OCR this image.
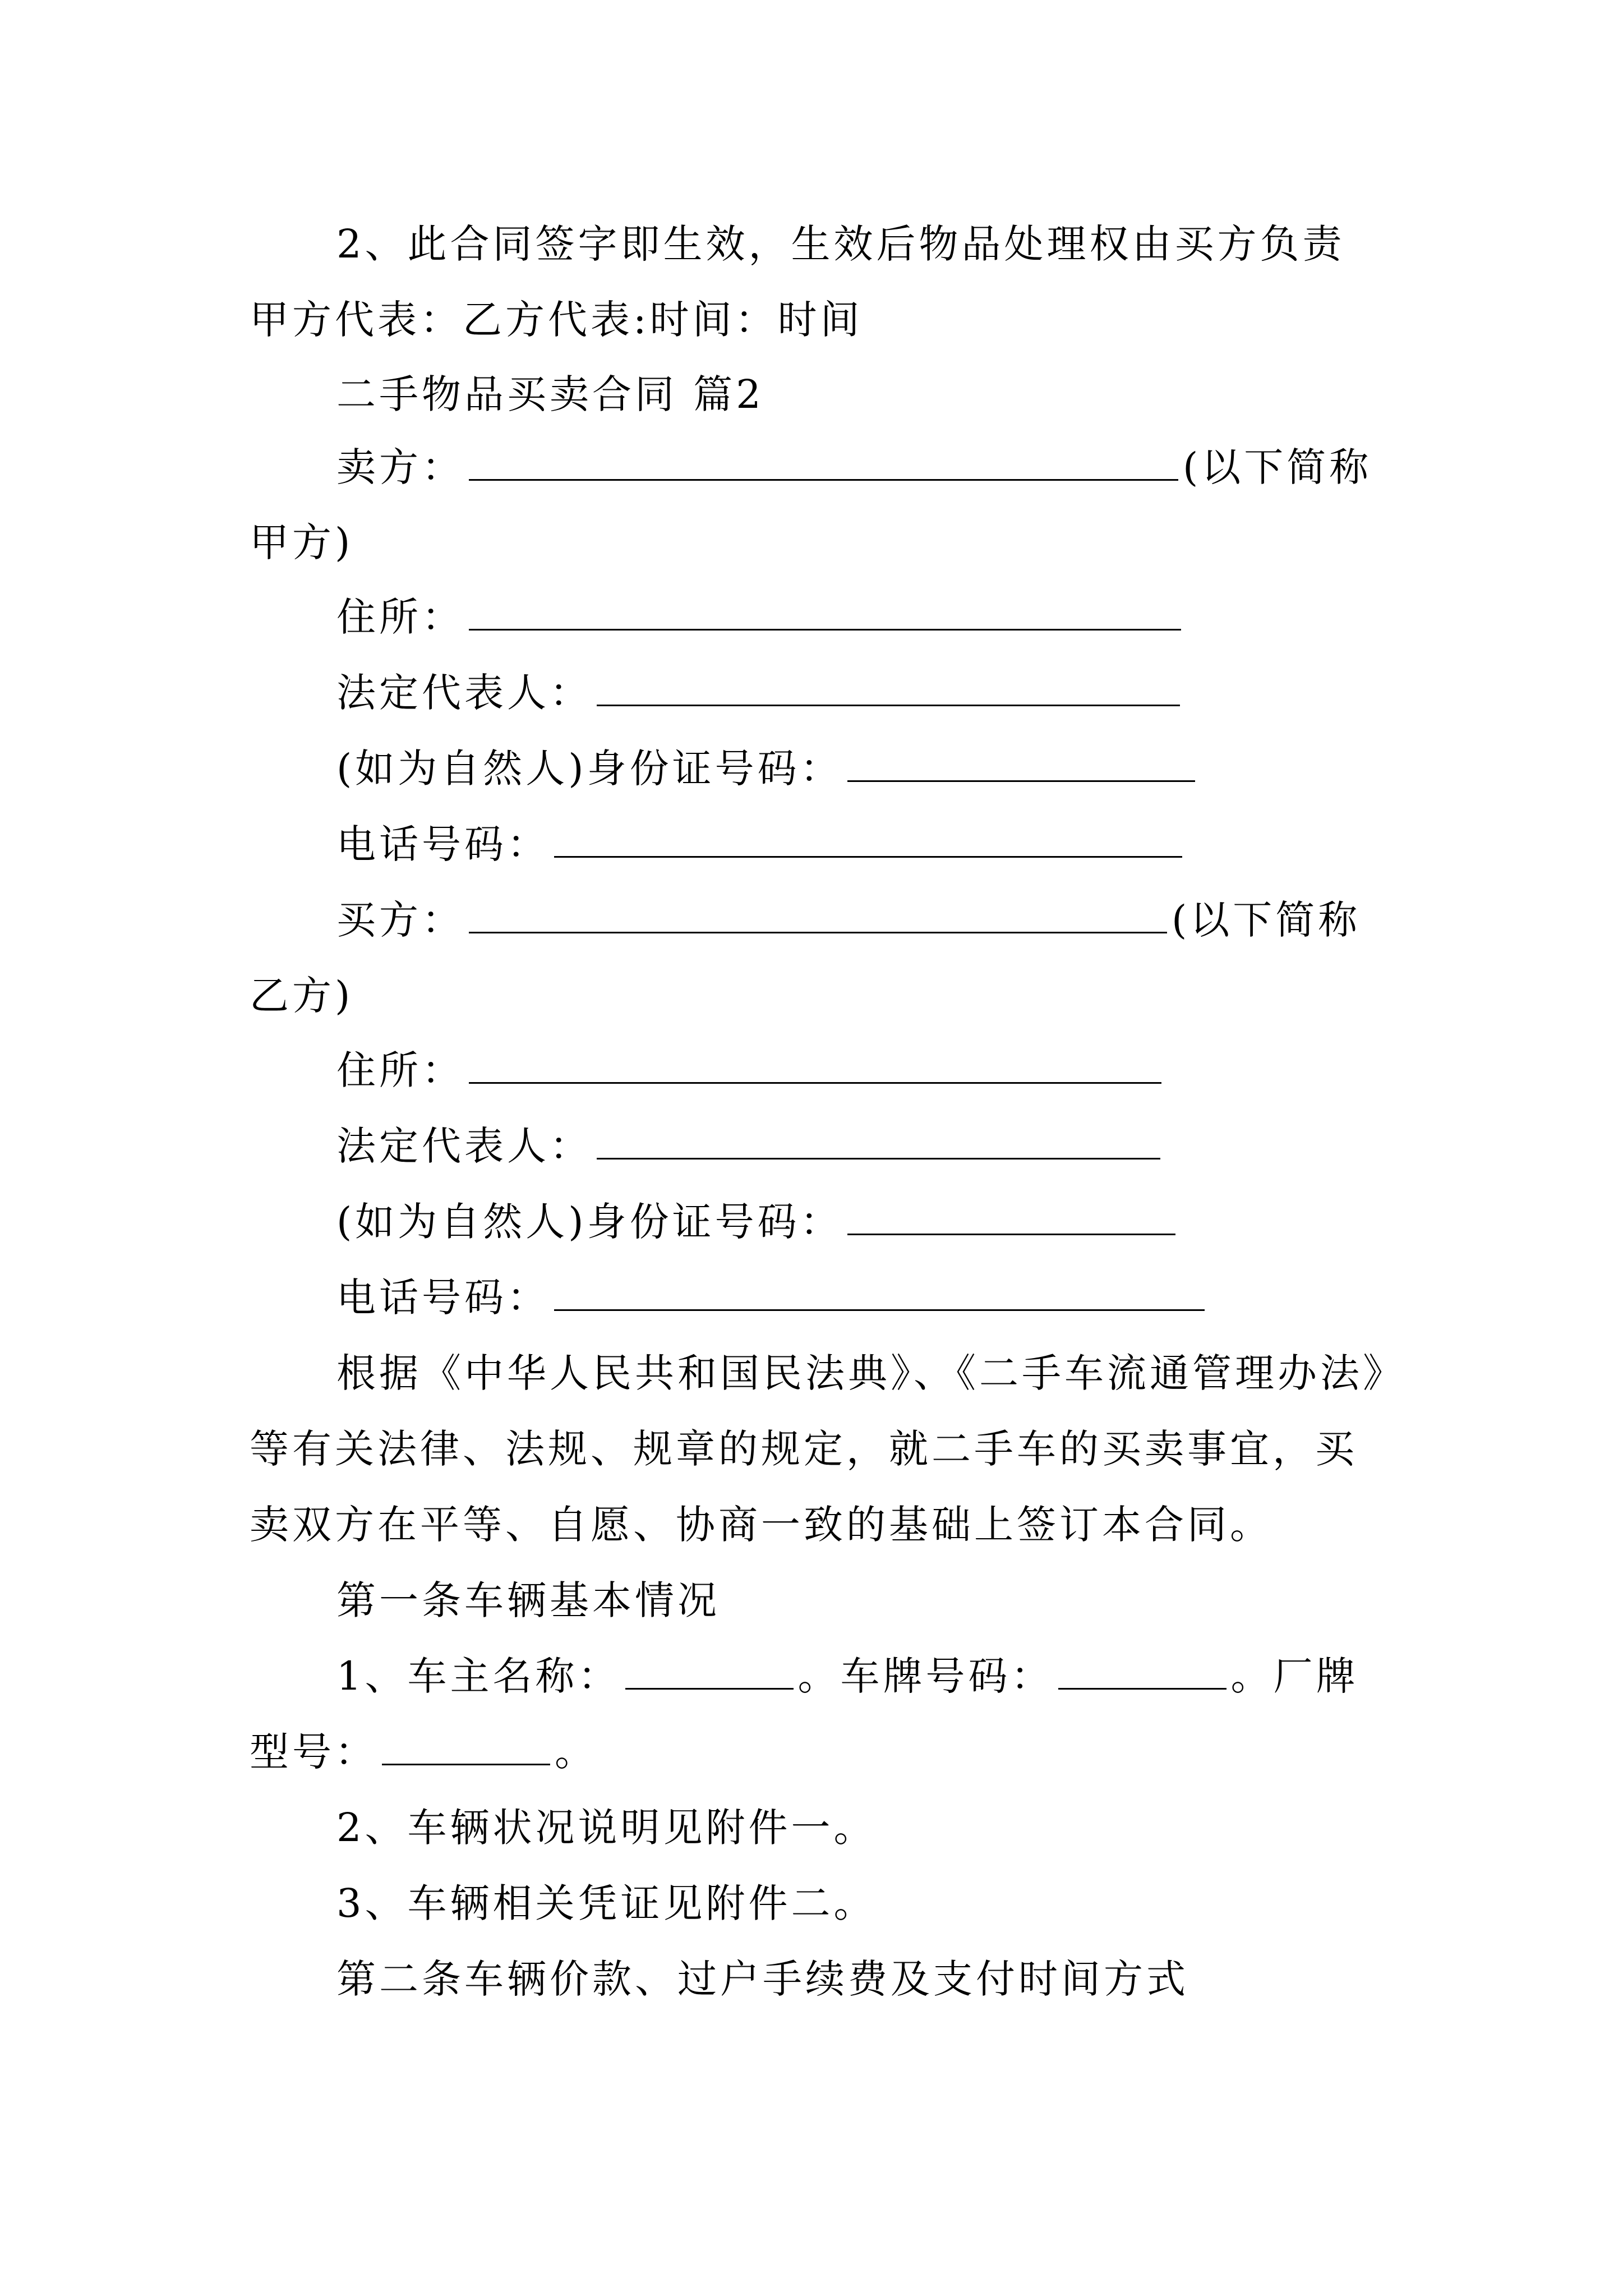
2、此合同签字即生效，生效后物品处理权由买方负责
甲方代表：乙方代表:时间：时间
二手物品买卖合同 篇2
卖方：	(以下简称
甲方)
住所：
法定代表人：
(如为自然人)身份证号码：
电话号码：
买方：	(以下简称
乙方)
住所：
法定代表人：
(如为自然人)身份证号码：
电话号码：
根据《中华人民共和国民法典》、《二手车流通管理办法》
等有关法律、法规、规章的规定，就二手车的买卖事宜，买
卖双方在平等、自愿、协商一致的基础上签订本合同。
第一条车辆基本情况
1、车主名称：	。车牌号码：	。厂牌
型号：	。
2、车辆状况说明见附件一。
3、车辆相关凭证见附件二。
第二条车辆价款、过户手续费及支付时间方式
